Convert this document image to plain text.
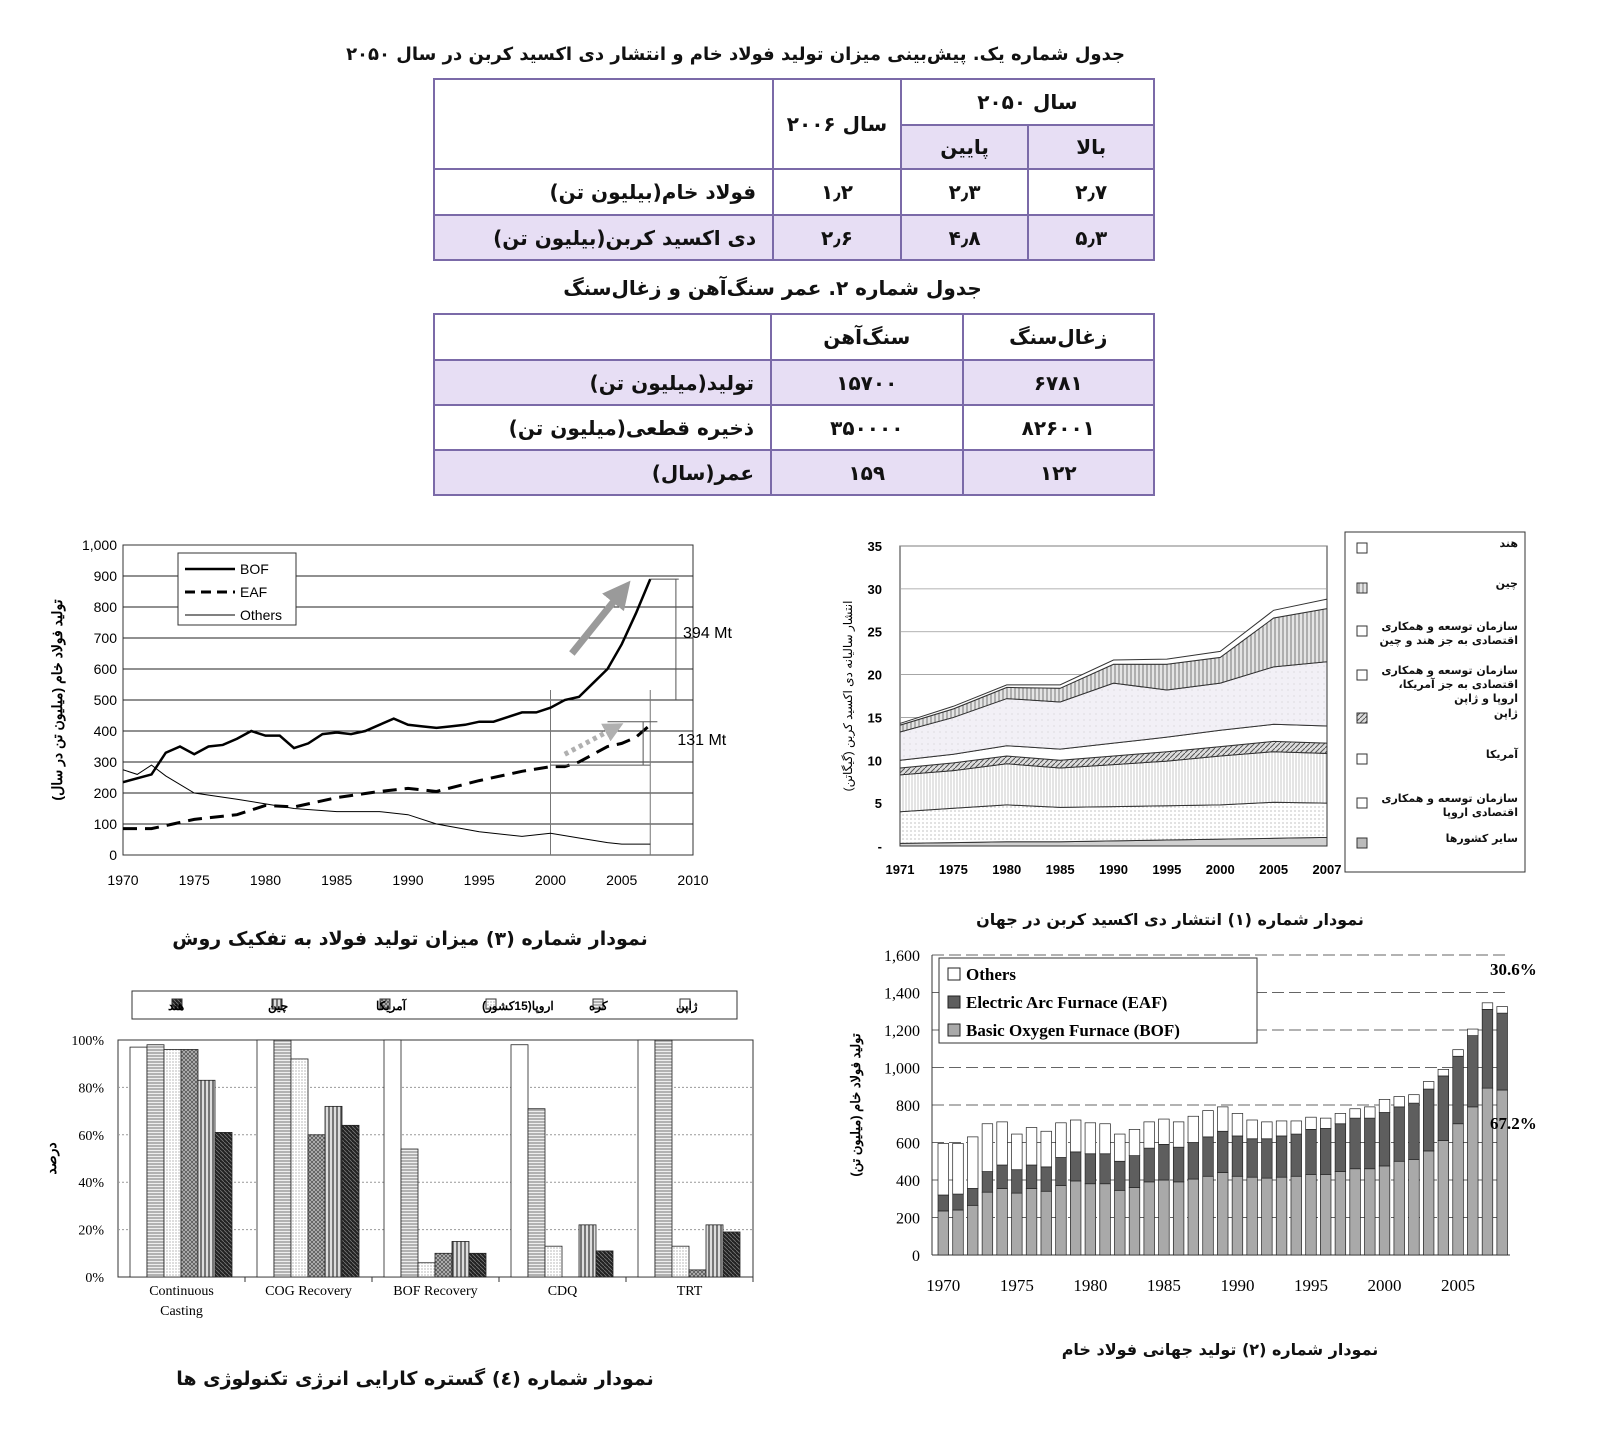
جدول شماره یک. پیش‌بینی میزان تولید فولاد خام و انتشار دی اکسید کربن در سال ۲۰۵۰
سال ۲۰۵۰		سال ۲۰۰۶	
بالا	پایین		
۲٫۷	۲٫۳	۱٫۲	فولاد خام(بیلیون تن)
۵٫۳	۴٫۸	۲٫۶	دی اکسید کربن(بیلیون تن)
جدول شماره ۲. عمر سنگ‌آهن و زغال‌سنگ
زغال‌سنگ	سنگ‌آهن	
۶۷۸۱	۱۵۷۰۰	تولید(میلیون تن)
۸۲۶۰۰۱	۳۵۰۰۰۰	ذخیره قطعی(میلیون تن)
۱۲۲	۱۵۹	عمر(سال)
0
100
200
300
400
500
600
700
800
900
1,000
1970	1975	1980	1985	1990	1995	2000	2005	2010
تولید فولاد خام (میلیون تن در سال)	394 Mt
131 Mt
BOF
EAF
Others
نمودار شماره (۳) میزان تولید فولاد به تفکیک روش
-
5
10
15
20
25
30
35
1971 1975 1980 1985 1990 1995 2000 2005 2007
انتشار سالیانه دی اکسید کربن (گیگاتن)
هند
چین
سازمان توسعه و همکاری اقتصادی به جز هند و چین
سازمان توسعه و همکاری اقتصادی به جز آمریکا، اروپا و ژاپن
ژاپن
آمریکا
سازمان توسعه و همکاری اقتصادی اروپا
سایر کشورها
نمودار شماره (۱) انتشار دی اکسید کربن در جهان
0%
20%
40%
60%
80%
100%
درصد
Continuous
Casting
COG Recovery	BOF Recovery	CDQ	TRT
ژاپن
کره
اروپا(15کشور)
آمریکا
چین
هند
نمودار شماره (٤) گستره کارایی انرژی تکنولوژی ها
0
200
400
600
800
1,000
1,200
1,400
1,600
تولید فولاد خام (میلیون تن)
1970 1975 1980 1985 1990 1995 2000 2005
30.6%
67.2%
Others
Electric Arc Furnace (EAF)
Basic Oxygen Furnace (BOF)
نمودار شماره (۲) تولید جهانی فولاد خام
